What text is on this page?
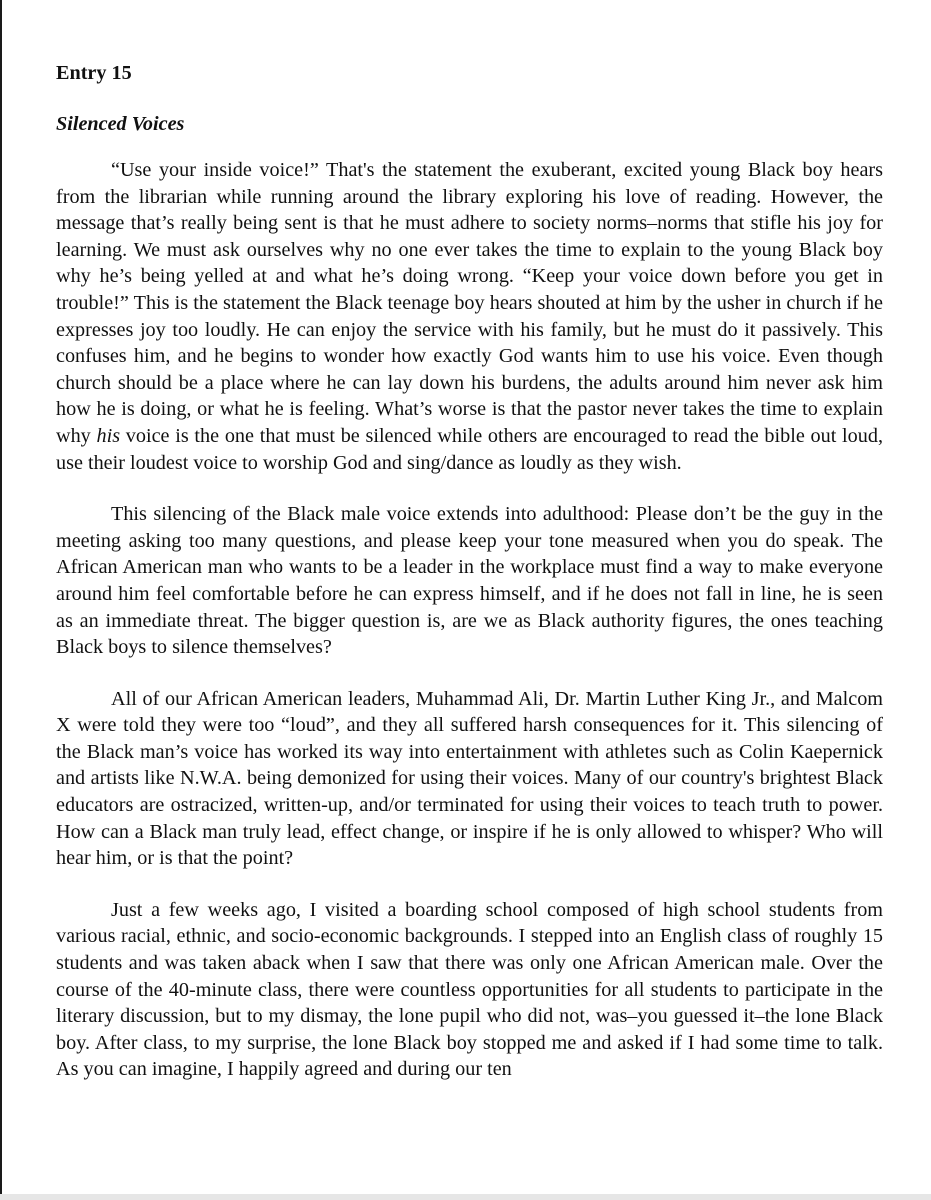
Entry 15

Silenced Voices

“Use your inside voice!” That's the statement the exuberant, excited young Black boy hears from the librarian while running around the library exploring his love of reading. However, the message that’s really being sent is that he must adhere to society norms–norms that stifle his joy for learning. We must ask ourselves why no one ever takes the time to explain to the young Black boy why he’s being yelled at and what he’s doing wrong. “Keep your voice down before you get in trouble!” This is the statement the Black teenage boy hears shouted at him by the usher in church if he expresses joy too loudly. He can enjoy the service with his family, but he must do it passively. This confuses him, and he begins to wonder how exactly God wants him to use his voice. Even though church should be a place where he can lay down his burdens, the adults around him never ask him how he is doing, or what he is feeling. What’s worse is that the pastor never takes the time to explain why his voice is the one that must be silenced while others are encouraged to read the bible out loud, use their loudest voice to worship God and sing/dance as loudly as they wish.

This silencing of the Black male voice extends into adulthood: Please don’t be the guy in the meeting asking too many questions, and please keep your tone measured when you do speak. The African American man who wants to be a leader in the workplace must find a way to make everyone around him feel comfortable before he can express himself, and if he does not fall in line, he is seen as an immediate threat. The bigger question is, are we as Black authority figures, the ones teaching Black boys to silence themselves?

All of our African American leaders, Muhammad Ali, Dr. Martin Luther King Jr., and Malcom X were told they were too “loud”, and they all suffered harsh consequences for it. This silencing of the Black man’s voice has worked its way into entertainment with athletes such as Colin Kaepernick and artists like N.W.A. being demonized for using their voices. Many of our country's brightest Black educators are ostracized, written-up, and/or terminated for using their voices to teach truth to power. How can a Black man truly lead, effect change, or inspire if he is only allowed to whisper? Who will hear him, or is that the point?

Just a few weeks ago, I visited a boarding school composed of high school students from various racial, ethnic, and socio-economic backgrounds. I stepped into an English class of roughly 15 students and was taken aback when I saw that there was only one African American male. Over the course of the 40-minute class, there were countless opportunities for all students to participate in the literary discussion, but to my dismay, the lone pupil who did not, was–you guessed it–the lone Black boy. After class, to my surprise, the lone Black boy stopped me and asked if I had some time to talk. As you can imagine, I happily agreed and during our ten
